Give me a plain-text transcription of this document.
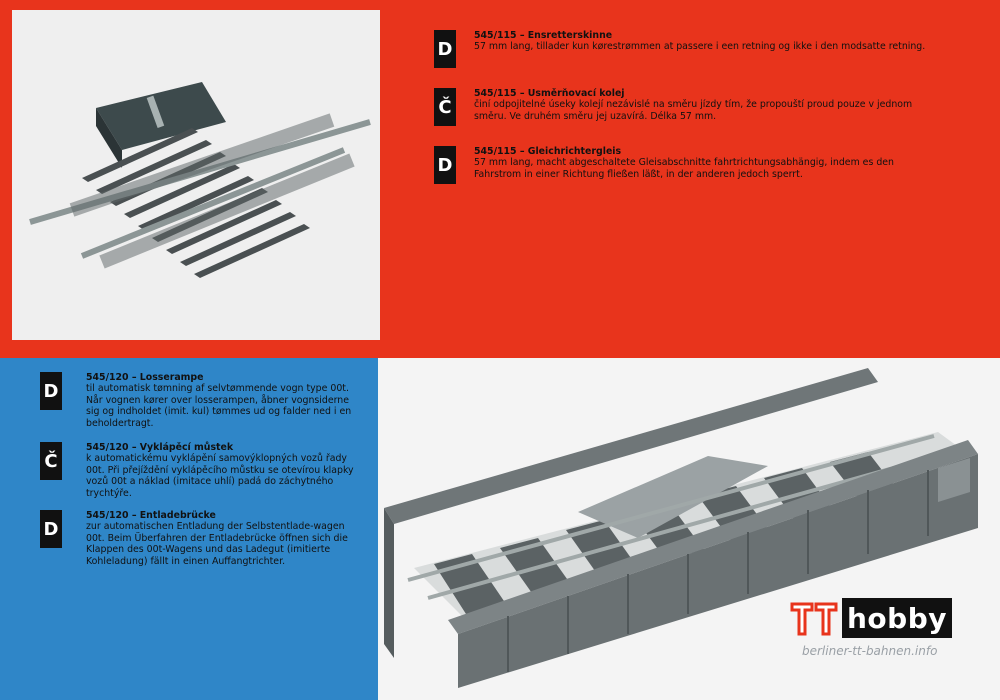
D
545/115 – Ensretterskinne
57 mm lang, tillader kun kørestrømmen at passere i een retning og ikke i den modsatte retning.
Č
545/115 – Usměrňovací kolej
činí odpojitelné úseky kolejí nezávislé na směru jízdy tím, že propouští proud pouze v jednom směru. Ve druhém směru jej uzavírá. Délka 57 mm.
D
545/115 – Gleichrichtergleis
57 mm lang, macht abgeschaltete Gleisabschnitte fahrtrichtungsabhängig, indem es den Fahrstrom in einer Richtung fließen läßt, in der anderen jedoch sperrt.
D
545/120 – Losserampe
til automatisk tømning af selvtømmende vogn type 00t. Når vognen kører over losserampen, åbner vognsiderne sig og indholdet (imit. kul) tømmes ud og falder ned i en beholdertragt.
Č
545/120 – Vyklápěcí můstek
k automatickému vyklápění samovýklopných vozů řady 00t. Při přejíždění vyklápěcího můstku se otevírou klapky vozů 00t a náklad (imitace uhlí) padá do záchytného trychtýře.
D
545/120 – Entladebrücke
zur automatischen Entladung der Selbstentlade-wagen 00t. Beim Überfahren der Entladebrücke öffnen sich die Klappen des 00t-Wagens und das Ladegut (imitierte Kohleladung) fällt in einen Auffangtrichter.
TT
hobby
berliner-tt-bahnen.info
